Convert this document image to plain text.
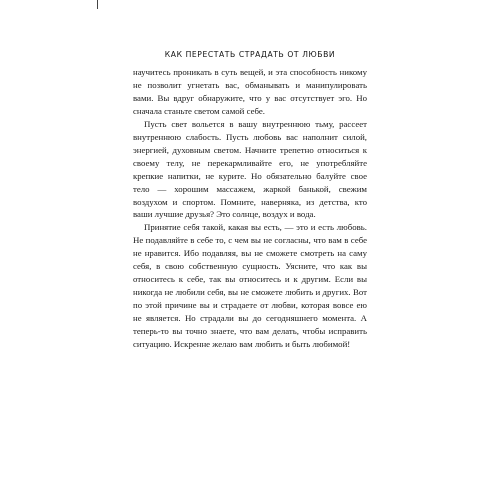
КАК ПЕРЕСТАТЬ СТРАДАТЬ ОТ ЛЮБВИ

научитесь проникать в суть вещей, и эта способность никому не позволит угнетать вас, обманывать и манипулировать вами. Вы вдруг обнаружите, что у вас отсутствует эго. Но сначала станьте светом самой себе.

Пусть свет вольется в вашу внутреннюю тьму, рассеет внутреннюю слабость. Пусть любовь вас наполнит силой, энергией, духовным светом. Начните трепетно относиться к своему телу, не перекармливайте его, не употребляйте крепкие напитки, не курите. Но обязательно балуйте свое тело — хорошим массажем, жаркой банькой, свежим воздухом и спортом. Помните, наверняка, из детства, кто ваши лучшие друзья? Это солнце, воздух и вода.

Принятие себя такой, какая вы есть, — это и есть любовь. Не подавляйте в себе то, с чем вы не согласны, что вам в себе не нравится. Ибо подавляя, вы не сможете смотреть на саму себя, в свою собственную сущность. Уясните, что как вы относитесь к себе, так вы относитесь и к другим. Если вы никогда не любили себя, вы не сможете любить и других. Вот по этой причине вы и страдаете от любви, которая вовсе ею не является. Но страдали вы до сегодняшнего момента. А теперь-то вы точно знаете, что вам делать, чтобы исправить ситуацию. Искренне желаю вам любить и быть любимой!
